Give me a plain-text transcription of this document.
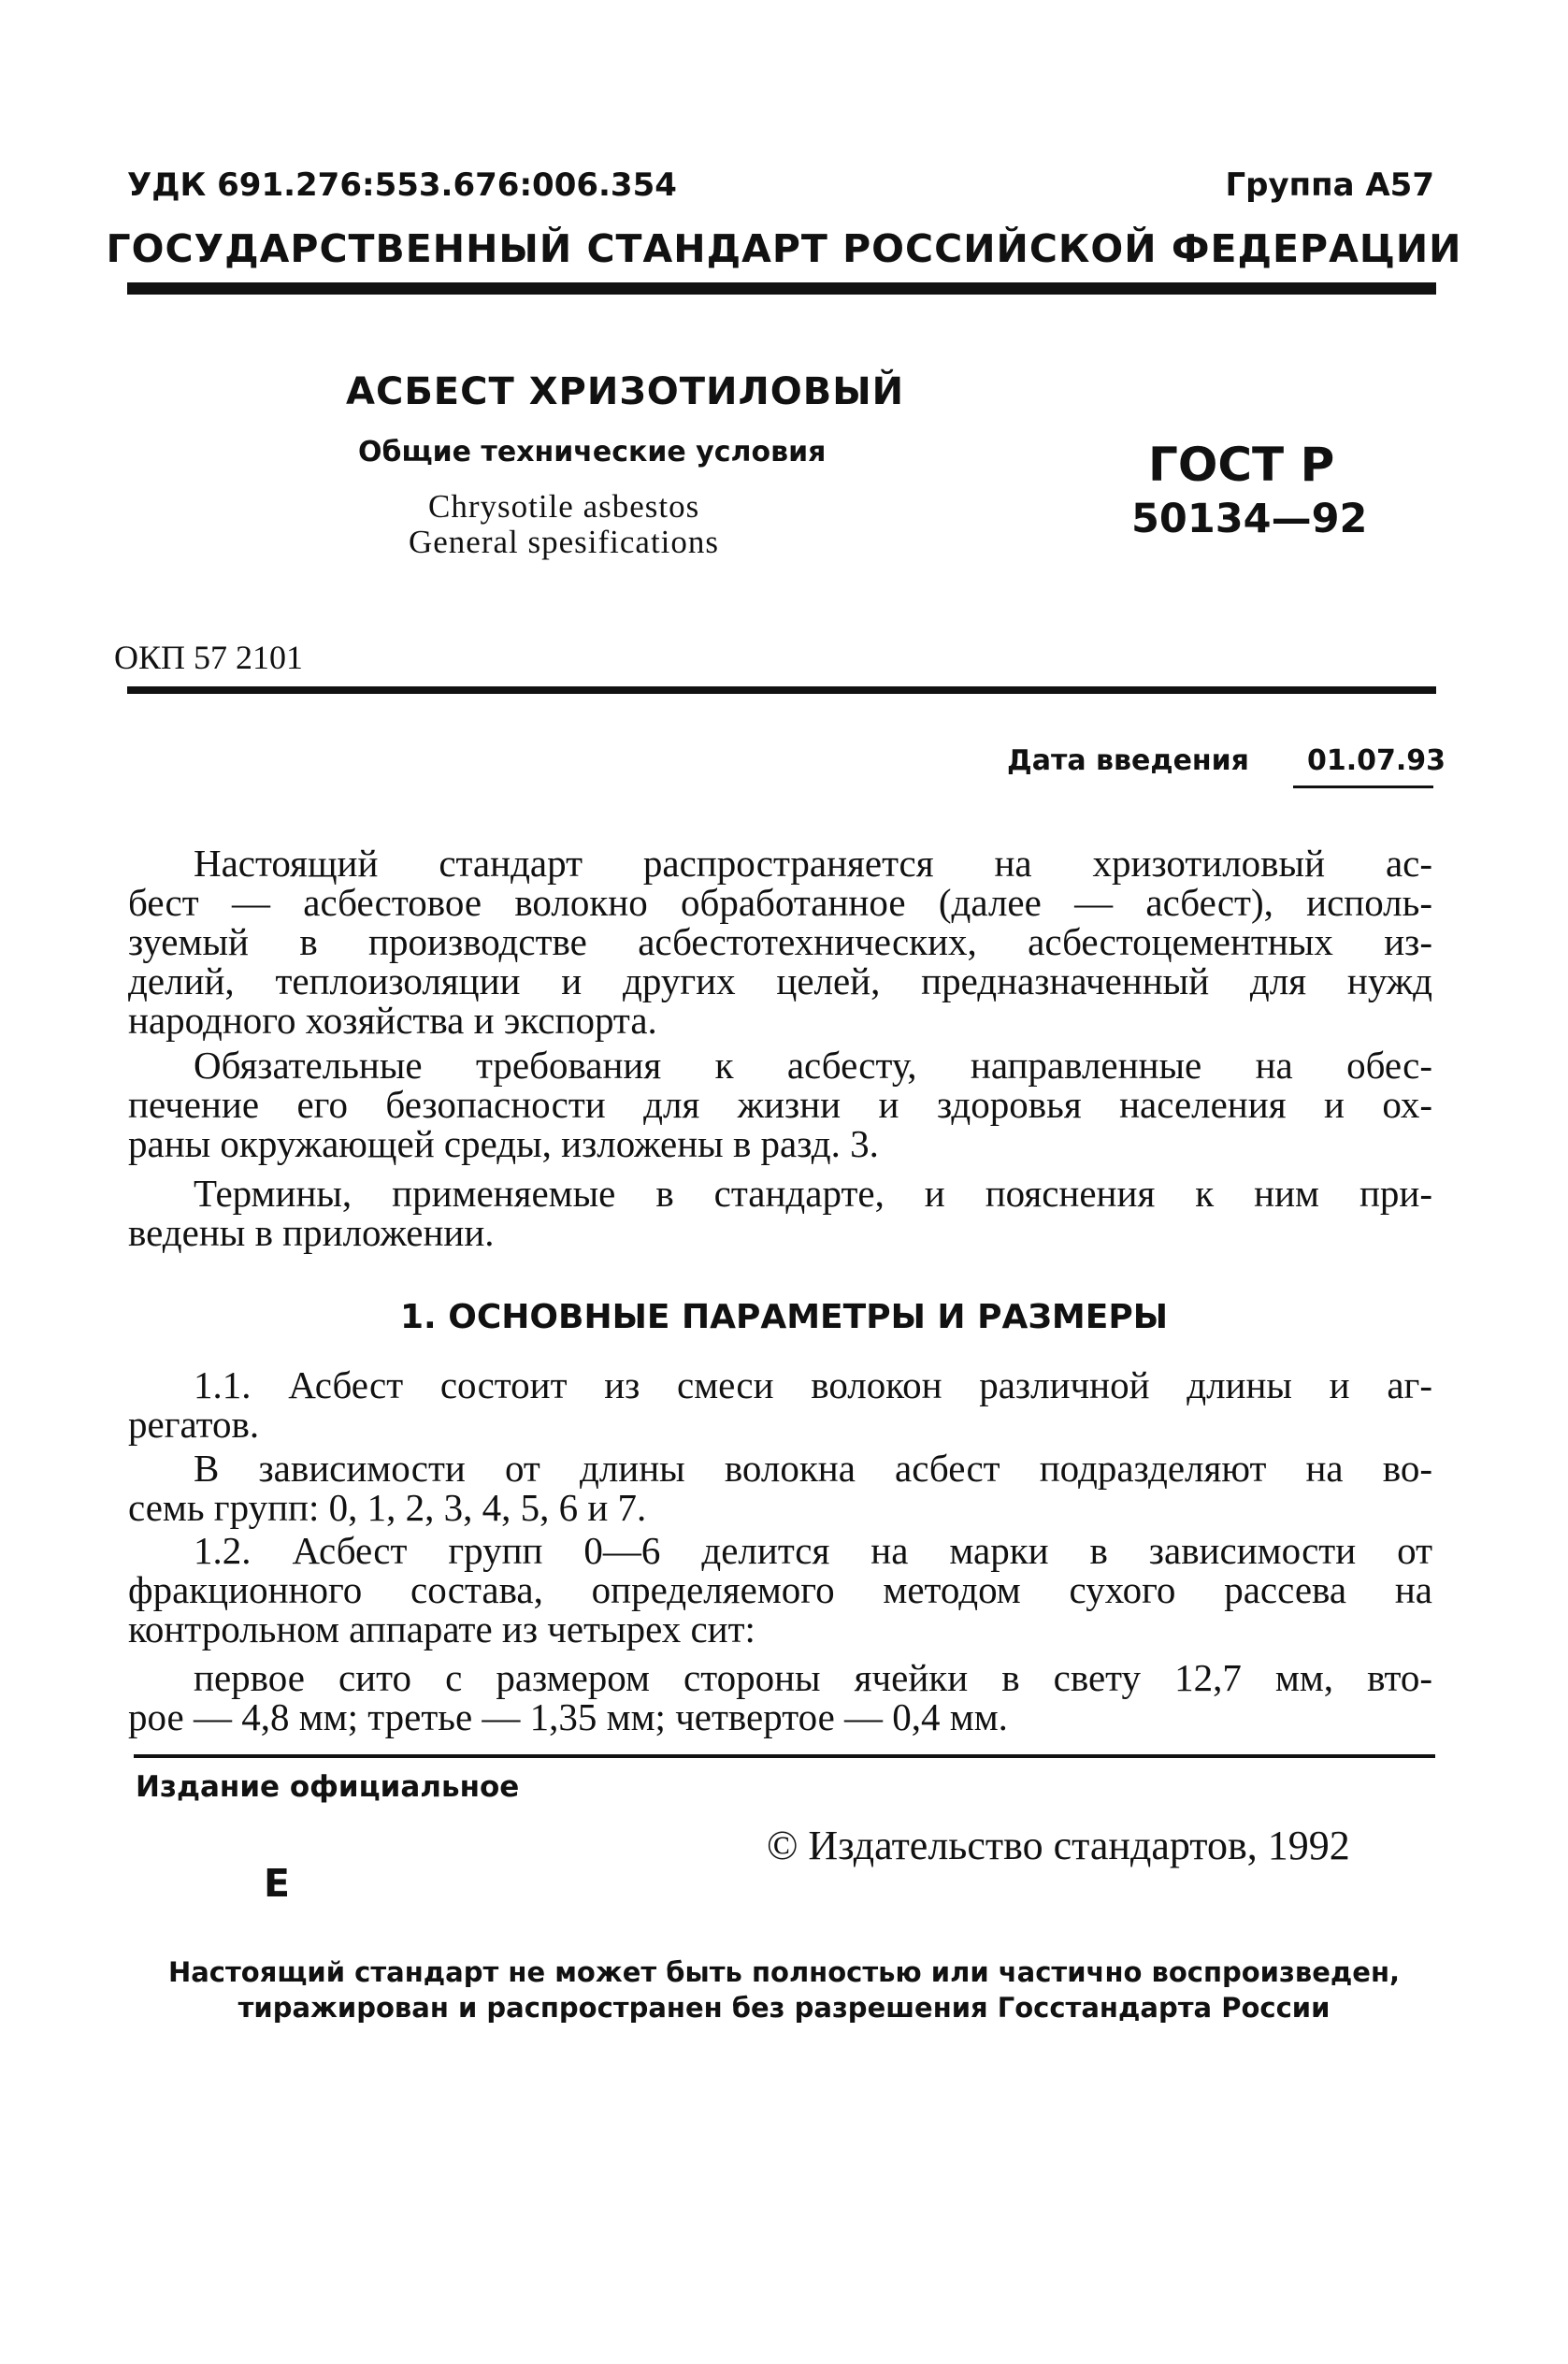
УДК 691.276:553.676:006.354	Группа А57
ГОСУДАРСТВЕННЫЙ СТАНДАРТ РОССИЙСКОЙ ФЕДЕРАЦИИ
АСБЕСТ ХРИЗОТИЛОВЫЙ
Общие технические условия
Chrysotile asbestos
General spesifications
ГОСТ Р
50134—92
ОКП 57 2101
Дата введения 01.07.93
Настоящий стандарт распространяется на хризотиловый ас-
бест — асбестовое волокно обработанное (далее — асбест), исполь-
зуемый в производстве асбестотехнических, асбестоцементных из-
делий, теплоизоляции и других целей, предназначенный для нужд
народного хозяйства и экспорта.
Обязательные требования к асбесту, направленные на обес-
печение его безопасности для жизни и здоровья населения и ох-
раны окружающей среды, изложены в разд. 3.
Термины, применяемые в стандарте, и пояснения к ним при-
ведены в приложении.
1. ОСНОВНЫЕ ПАРАМЕТРЫ И РАЗМЕРЫ
1.1. Асбест состоит из смеси волокон различной длины и аг-
регатов.
В зависимости от длины волокна асбест подразделяют на во-
семь групп: 0, 1, 2, 3, 4, 5, 6 и 7.
1.2. Асбест групп 0—6 делится на марки в зависимости от
фракционного состава, определяемого методом сухого рассева на
контрольном аппарате из четырех сит:
первое сито с размером стороны ячейки в свету 12,7 мм, вто-
рое — 4,8 мм; третье — 1,35 мм; четвертое — 0,4 мм.
Издание официальное
© Издательство стандартов, 1992
Е
Настоящий стандарт не может быть полностью или частично воспроизведен,
тиражирован и распространен без разрешения Госстандарта России
